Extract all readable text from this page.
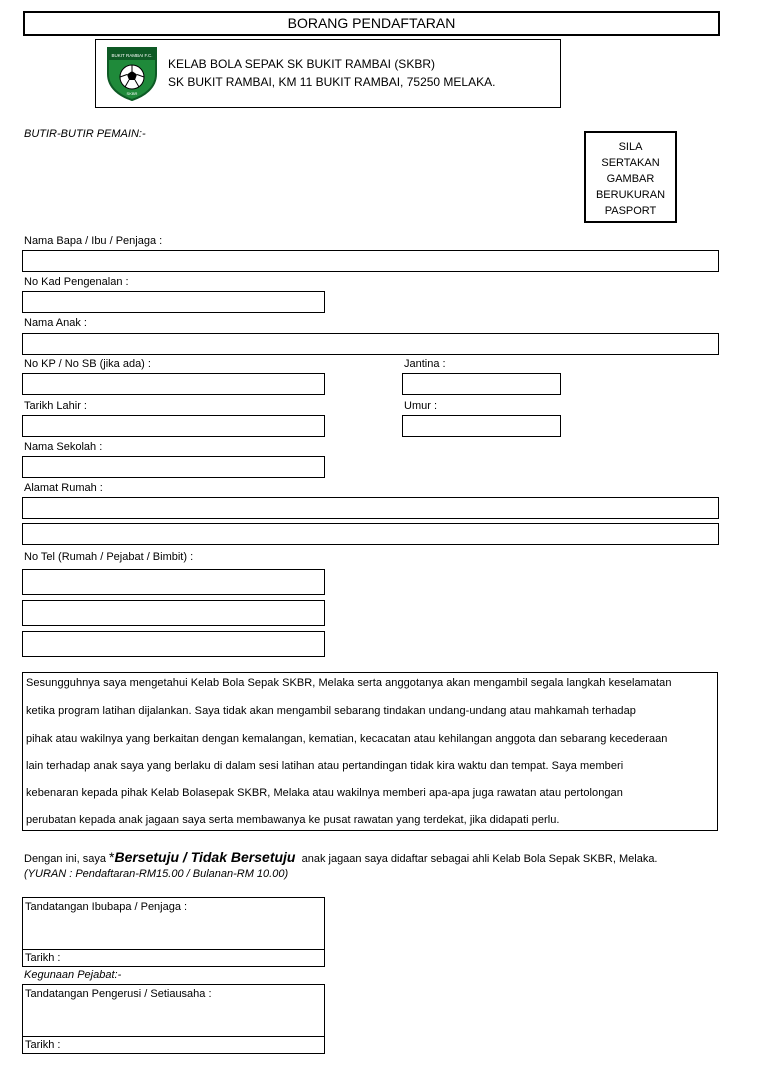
BORANG PENDAFTARAN
BUKIT RAMBAI F.C.
SKBR
KELAB BOLA SEPAK SK BUKIT RAMBAI (SKBR)
SK BUKIT RAMBAI, KM 11 BUKIT RAMBAI, 75250 MELAKA.
BUTIR-BUTIR PEMAIN:-
SILA
SERTAKAN
GAMBAR
BERUKURAN
PASPORT
Nama Bapa / Ibu / Penjaga :
No Kad Pengenalan :
Nama Anak :
No KP / No SB (jika ada) :	Jantina :
Tarikh Lahir :	Umur :
Nama Sekolah :
Alamat Rumah :
No Tel (Rumah / Pejabat / Bimbit) :
Sesungguhnya saya mengetahui Kelab Bola Sepak SKBR, Melaka serta anggotanya akan mengambil segala langkah keselamatan
ketika program latihan dijalankan. Saya tidak akan mengambil sebarang tindakan undang-undang atau mahkamah terhadap
pihak atau wakilnya yang berkaitan dengan kemalangan, kematian, kecacatan atau kehilangan anggota dan sebarang kecederaan
lain terhadap anak saya yang berlaku di dalam sesi latihan atau pertandingan tidak kira waktu dan tempat. Saya memberi
kebenaran kepada pihak Kelab Bolasepak SKBR, Melaka atau wakilnya memberi apa-apa juga rawatan atau pertolongan
perubatan kepada anak jagaan saya serta membawanya ke pusat rawatan yang terdekat, jika didapati perlu.
Dengan ini, saya *Bersetuju / Tidak Bersetuju anak jagaan saya didaftar sebagai ahli Kelab Bola Sepak SKBR, Melaka.
(YURAN : Pendaftaran-RM15.00 / Bulanan-RM 10.00)
Tandatangan Ibubapa / Penjaga :
Tarikh :
Kegunaan Pejabat:-
Tandatangan Pengerusi / Setiausaha :
Tarikh :
